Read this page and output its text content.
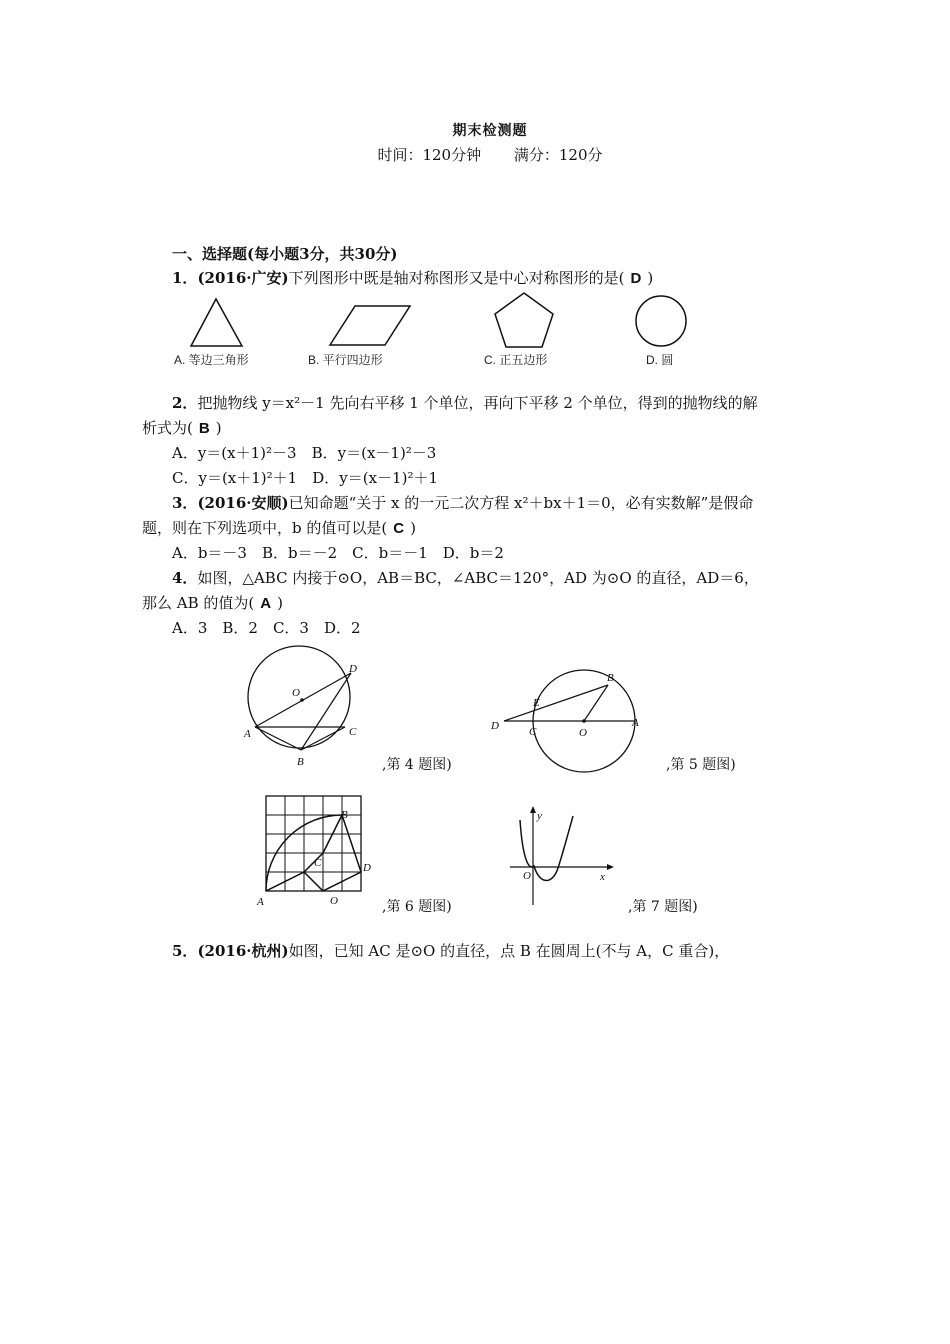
期末检测题
时间：120分钟 满分：120分
一、选择题(每小题3分，共30分)
1．(2016·广安)下列图形中既是轴对称图形又是中心对称图形的是( D )
A. 等边三角形	B. 平行四边形	C. 正五边形	D. 圆
2．把抛物线 y＝x²－1 先向右平移 1 个单位，再向下平移 2 个单位，得到的抛物线的解
析式为( B )
A．y＝(x＋1)²－3　 B．y＝(x－1)²－3
C．y＝(x＋1)²＋1　 D．y＝(x－1)²＋1
3．(2016·安顺)已知命题“关于 x 的一元二次方程 x²＋bx＋1＝0，必有实数解”是假命
题，则在下列选项中，b 的值可以是( C )
A．b＝－3　B．b＝－2　C．b＝－1　D．b＝2
4．如图，△ABC 内接于⊙O，AB＝BC，∠ABC＝120°，AD 为⊙O 的直径，AD＝6，
那么 AB 的值为( A )
A．3　B．2　C．3　D．2
O
D
A	C
B	,第 4 题图)
B
E
D	C	O
A
,第 5 题图)
B
C	D
A	O	,第 6 题图)
y
O	x
,第 7 题图)
5．(2016·杭州)如图，已知 AC 是⊙O 的直径，点 B 在圆周上(不与 A，C 重合)，
